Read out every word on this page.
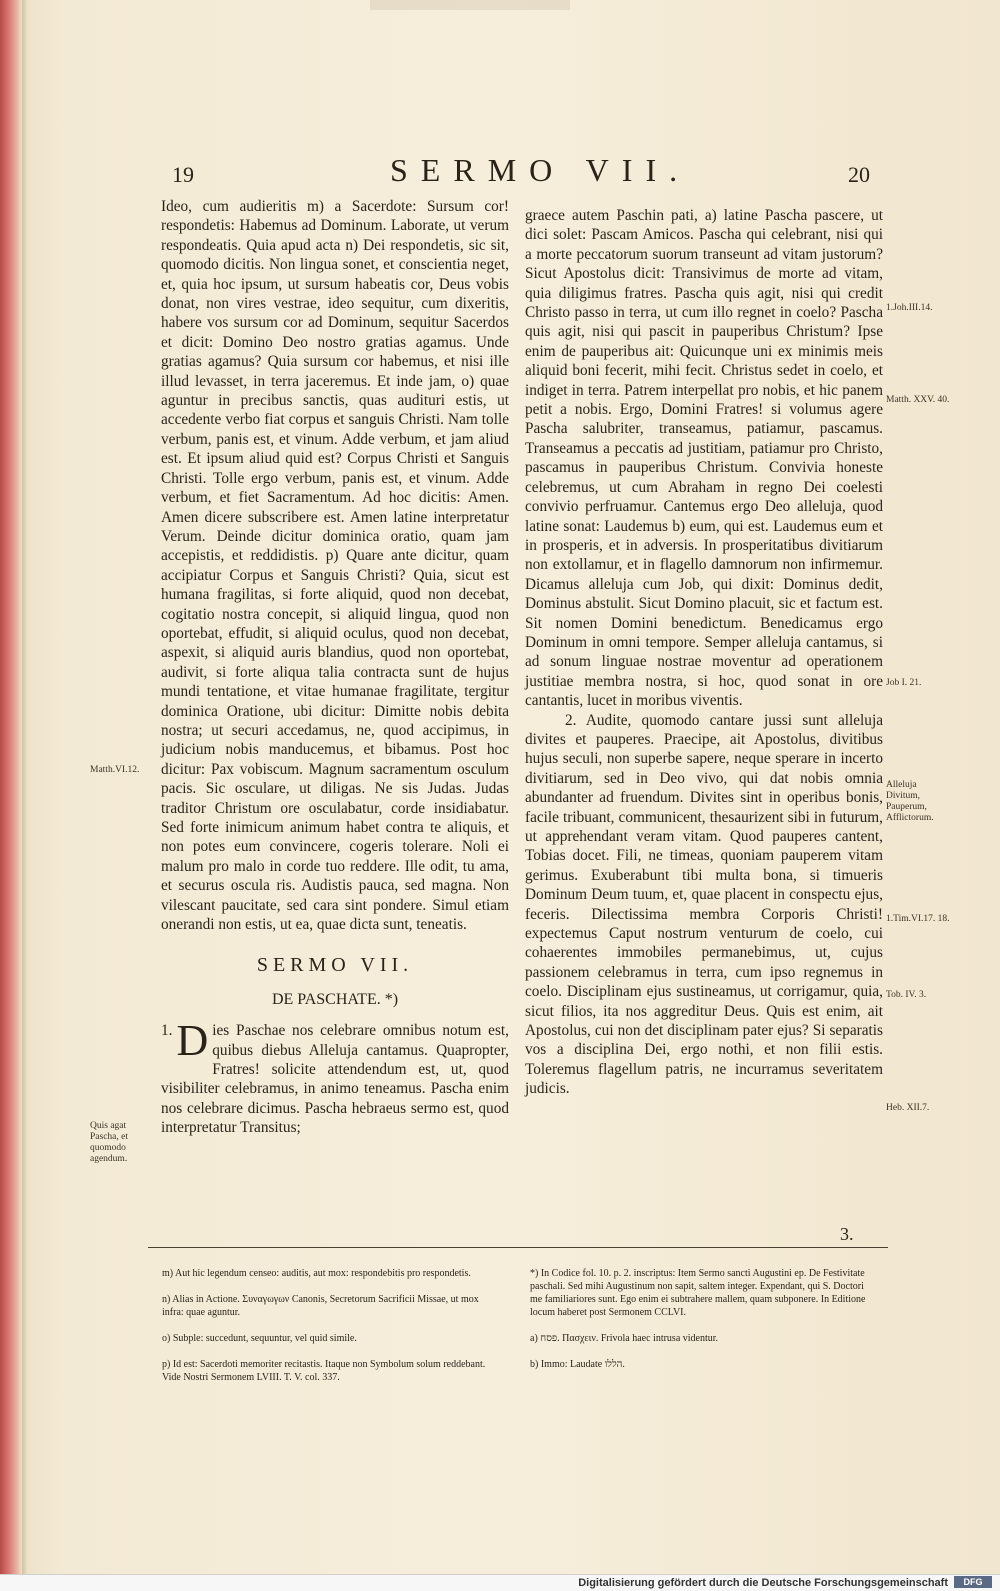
19	SERMO VII.	20

Ideo, cum audieritis m) a Sacerdote: Sursum cor! respondetis: Habemus ad Dominum. Laborate, ut verum respondeatis. Quia apud acta n) Dei respondetis, sic sit, quomodo dicitis. Non lingua sonet, et conscientia neget, et, quia hoc ipsum, ut sursum habeatis cor, Deus vobis donat, non vires vestrae, ideo sequitur, cum dixeritis, habere vos sursum cor ad Dominum, sequitur Sacerdos et dicit: Domino Deo nostro gratias agamus. Unde gratias agamus? Quia sursum cor habemus, et nisi ille illud levasset, in terra jaceremus. Et inde jam, o) quae aguntur in precibus sanctis, quas audituri estis, ut accedente verbo fiat corpus et sanguis Christi. Nam tolle verbum, panis est, et vinum. Adde verbum, et jam aliud est. Et ipsum aliud quid est? Corpus Christi et Sanguis Christi. Tolle ergo verbum, panis est, et vinum. Adde verbum, et fiet Sacramentum. Ad hoc dicitis: Amen. Amen dicere subscribere est. Amen latine interpretatur Verum. Deinde dicitur dominica oratio, quam jam accepistis, et reddidistis. p) Quare ante dicitur, quam accipiatur Corpus et Sanguis Christi? Quia, sicut est humana fragilitas, si forte aliquid, quod non decebat, cogitatio nostra concepit, si aliquid lingua, quod non oportebat, effudit, si aliquid oculus, quod non decebat, aspexit, si aliquid auris blandius, quod non oportebat, audivit, si forte aliqua talia contracta sunt de hujus mundi tentatione, et vitae humanae fragilitate, tergitur dominica Oratione, ubi dicitur: Dimitte nobis debita nostra; ut securi accedamus, ne, quod accipimus, in judicium nobis manducemus, et bibamus. Post hoc dicitur: Pax vobiscum. Magnum sacramentum osculum pacis. Sic osculare, ut diligas. Ne sis Judas. Judas traditor Christum ore osculabatur, corde insidiabatur. Sed forte inimicum animum habet contra te aliquis, et non potes eum convincere, cogeris tolerare. Noli ei malum pro malo in corde tuo reddere. Ille odit, tu ama, et securus oscula ris. Audistis pauca, sed magna. Non vilescant paucitate, sed cara sint pondere. Simul etiam onerandi non estis, ut ea, quae dicta sunt, teneatis.

SERMO VII.
DE PASCHATE. *)

1. D ies Paschae nos celebrare omnibus notum est, quibus diebus Alleluja cantamus. Quapropter, Fratres! solicite attendendum est, ut, quod visibiliter celebramus, in animo teneamus. Pascha enim nos celebrare dicimus. Pascha hebraeus sermo est, quod interpretatur Transitus;

graece autem Paschin pati, a) latine Pascha pascere, ut dici solet: Pascam Amicos. Pascha qui celebrant, nisi qui a morte peccatorum suorum transeunt ad vitam justorum? Sicut Apostolus dicit: Transivimus de morte ad vitam, quia diligimus fratres. Pascha quis agit, nisi qui credit Christo passo in terra, ut cum illo regnet in coelo? Pascha quis agit, nisi qui pascit in pauperibus Christum? Ipse enim de pauperibus ait: Quicunque uni ex minimis meis aliquid boni fecerit, mihi fecit. Christus sedet in coelo, et indiget in terra. Patrem interpellat pro nobis, et hic panem petit a nobis. Ergo, Domini Fratres! si volumus agere Pascha salubriter, transeamus, patiamur, pascamus. Transeamus a peccatis ad justitiam, patiamur pro Christo, pascamus in pauperibus Christum. Convivia honeste celebremus, ut cum Abraham in regno Dei coelesti convivio perfruamur. Cantemus ergo Deo alleluja, quod latine sonat: Laudemus b) eum, qui est. Laudemus eum et in prosperis, et in adversis. In prosperitatibus divitiarum non extollamur, et in flagello damnorum non infirmemur. Dicamus alleluja cum Job, qui dixit: Dominus dedit, Dominus abstulit. Sicut Domino placuit, sic et factum est. Sit nomen Domini benedictum. Benedicamus ergo Dominum in omni tempore. Semper alleluja cantamus, si ad sonum linguae nostrae moventur ad operationem justitiae membra nostra, si hoc, quod sonat in ore cantantis, lucet in moribus viventis.

2. Audite, quomodo cantare jussi sunt alleluja divites et pauperes. Praecipe, ait Apostolus, divitibus hujus seculi, non superbe sapere, neque sperare in incerto divitiarum, sed in Deo vivo, qui dat nobis omnia abundanter ad fruendum. Divites sint in operibus bonis, facile tribuant, communicent, thesaurizent sibi in futurum, ut apprehendant veram vitam. Quod pauperes cantent, Tobias docet. Fili, ne timeas, quoniam pauperem vitam gerimus. Exuberabunt tibi multa bona, si timueris Dominum Deum tuum, et, quae placent in conspectu ejus, feceris. Dilectissima membra Corporis Christi! expectemus Caput nostrum venturum de coelo, cui cohaerentes immobiles permanebimus, ut, cujus passionem celebramus in terra, cum ipso regnemus in coelo. Disciplinam ejus sustineamus, ut corrigamur, quia, sicut filios, ita nos aggreditur Deus. Quis est enim, ait Apostolus, cui non det disciplinam pater ejus? Si separatis vos a disciplina Dei, ergo nothi, et non filii estis. Toleremus flagellum patris, ne incurramus severitatem judicis.

Matth.VI.12.
Quis agat Pascha, et quomodo agendum.
1.Joh.III.14.
Matth. XXV. 40.
Job I. 21.
Alleluja Divitum, Pauperum, Afflictorum.
1.Tim.VI.17. 18.
Tob. IV. 3.
Heb. XII.7.
3.

m) Aut hic legendum censeo: auditis, aut mox: respondebitis pro respondetis.

n) Alias in Actione. Συναγωγων Canonis, Secretorum Sacrificii Missae, ut mox infra: quae aguntur.

o) Subple: succedunt, sequuntur, vel quid simile.

p) Id est: Sacerdoti memoriter recitastis. Itaque non Symbolum solum reddebant. Vide Nostri Sermonem LVIII. T. V. col. 337.

*) In Codice fol. 10. p. 2. inscriptus: Item Sermo sancti Augustini ep. De Festivitate paschali. Sed mihi Augustinum non sapit, saltem integer. Expendant, qui S. Doctori me familiariores sunt. Ego enim ei subtrahere mallem, quam subponere. In Editione locum haberet post Sermonem CCLVI.

a) פסח. Πασχειν. Frivola haec intrusa videntur.

b) Immo: Laudate הללו.

Digitalisierung gefördert durch die Deutsche Forschungsgemeinschaft	DFG
